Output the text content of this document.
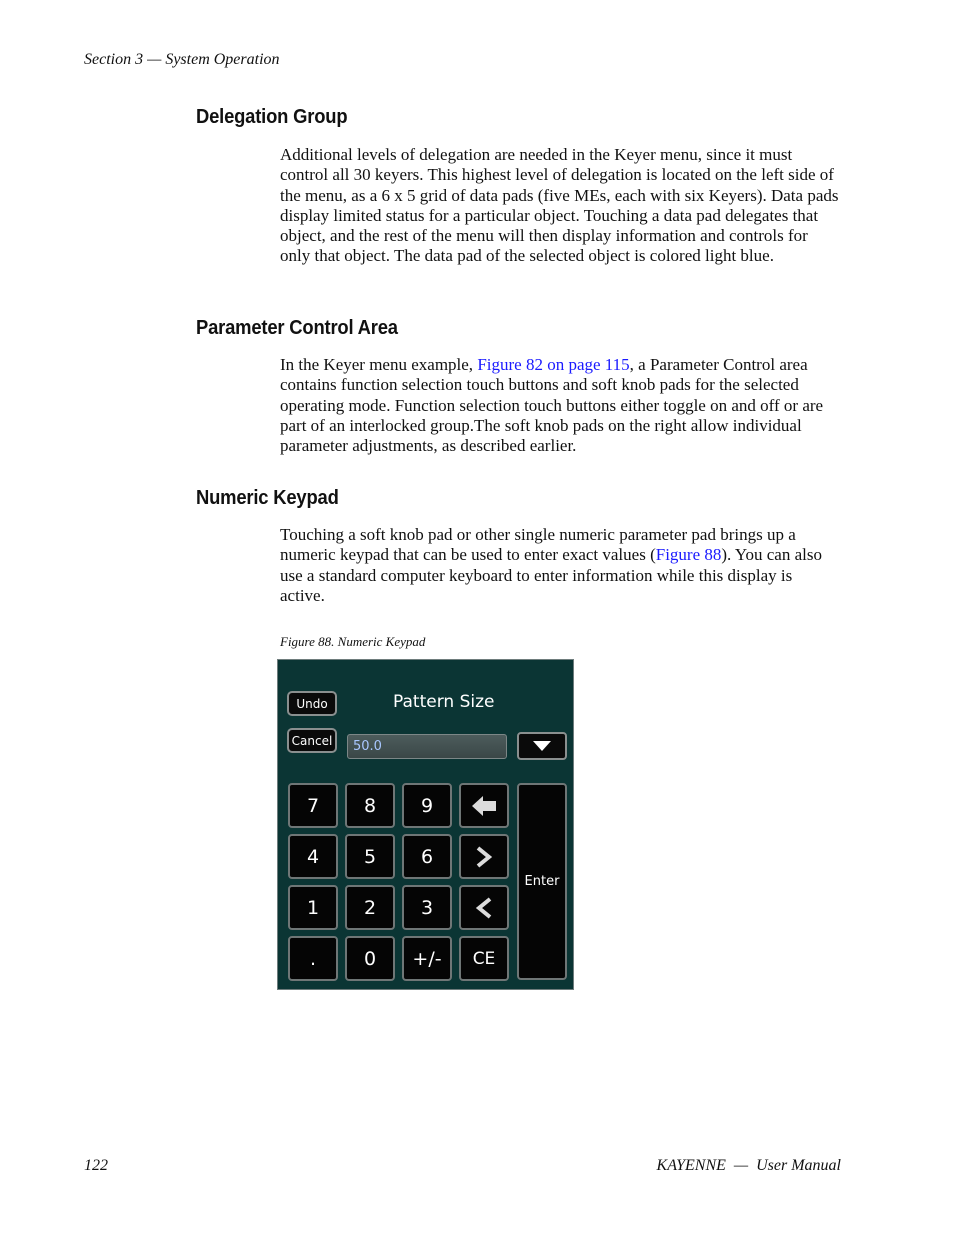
Section 3 — System Operation
Delegation Group
Additional levels of delegation are needed in the Keyer menu, since it must control all 30 keyers. This highest level of delegation is located on the left side of the menu, as a 6 x 5 grid of data pads (five MEs, each with six Keyers). Data pads display limited status for a particular object. Touching a data pad delegates that object, and the rest of the menu will then display information and controls for only that object. The data pad of the selected object is colored light blue.
Parameter Control Area
In the Keyer menu example, Figure 82 on page 115, a Parameter Control area contains function selection touch buttons and soft knob pads for the selected operating mode. Function selection touch buttons either toggle on and off or are part of an interlocked group.The soft knob pads on the right allow individual parameter adjustments, as described earlier.
Numeric Keypad
Touching a soft knob pad or other single numeric parameter pad brings up a numeric keypad that can be used to enter exact values (Figure 88). You can also use a standard computer keyboard to enter information while this display is active.
Figure 88. Numeric Keypad
Undo
Cancel
Pattern Size
50.0
7	8	9
4	5	6
1	2	3
.	0	+/-	CE
Enter
122	KAYENNE  —  User Manual
